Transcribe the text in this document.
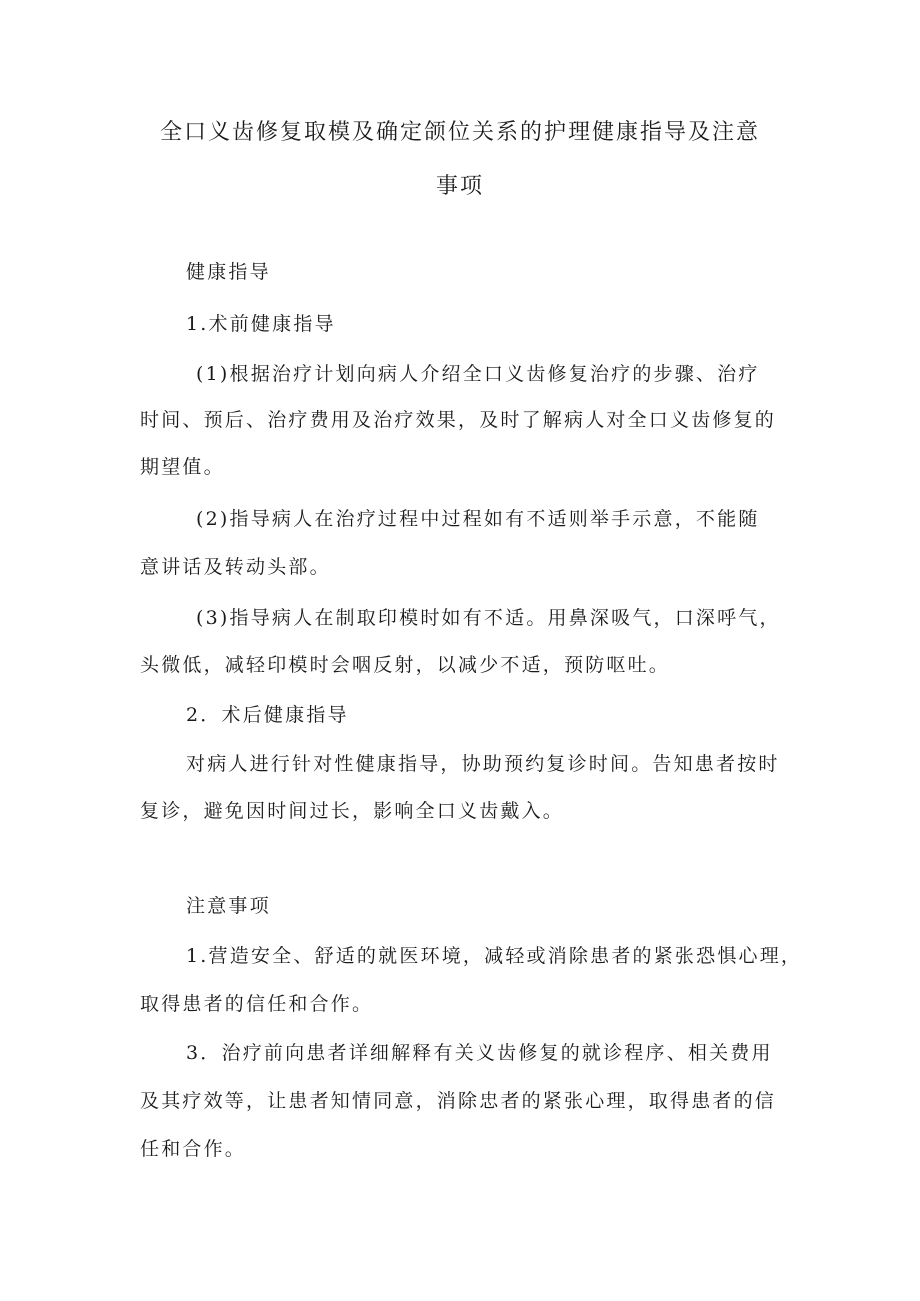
全口义齿修复取模及确定颌位关系的护理健康指导及注意
事项
健康指导
1.术前健康指导
(1)根据治疗计划向病人介绍全口义齿修复治疗的步骤、治疗
时间、预后、治疗费用及治疗效果，及时了解病人对全口义齿修复的
期望值。
(2)指导病人在治疗过程中过程如有不适则举手示意，不能随
意讲话及转动头部。
(3)指导病人在制取印模时如有不适。用鼻深吸气，口深呼气，
头微低，减轻印模时会咽反射，以减少不适，预防呕吐。
2．术后健康指导
对病人进行针对性健康指导，协助预约复诊时间。告知患者按时
复诊，避免因时间过长，影响全口义齿戴入。
注意事项
1.营造安全、舒适的就医环境，减轻或消除患者的紧张恐惧心理，
取得患者的信任和合作。
3．治疗前向患者详细解释有关义齿修复的就诊程序、相关费用
及其疗效等，让患者知情同意，消除忠者的紧张心理，取得患者的信
任和合作。
